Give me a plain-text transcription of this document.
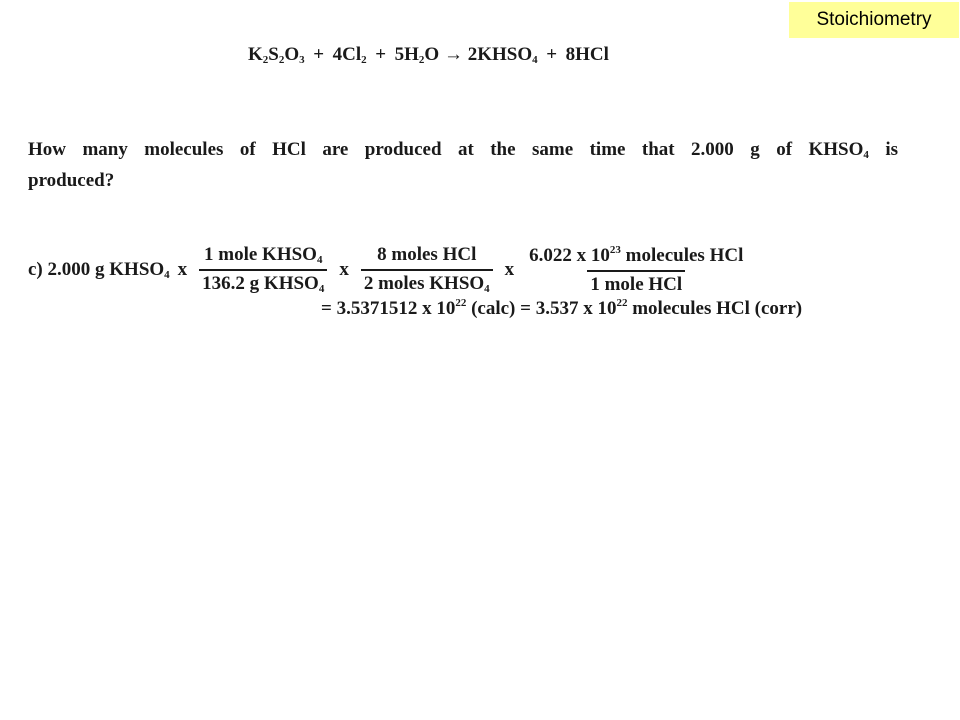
Stoichiometry
$K_2S_2O_3 + 4Cl_2 + 5H_2O$ → $2KHSO_4 + 8HCl$
How many molecules of HCl are produced at the same time that 2.000 g of $KHSO_4$ is
produced?
c) 2.000 g $KHSO_4$ x $\frac{1 mole KHSO_4}{136.2 g KHSO_4}$ x $\frac{\text{8 moles HCl}}{2 moles KHSO_4}$ x $\frac{6.022 x 10^{23} molecules HCl}{\text{1 mole HCl}}$
= 3.5371512 x $10^{22}$ (calc) = 3.537 x $10^{22}$ molecules HCl (corr)
